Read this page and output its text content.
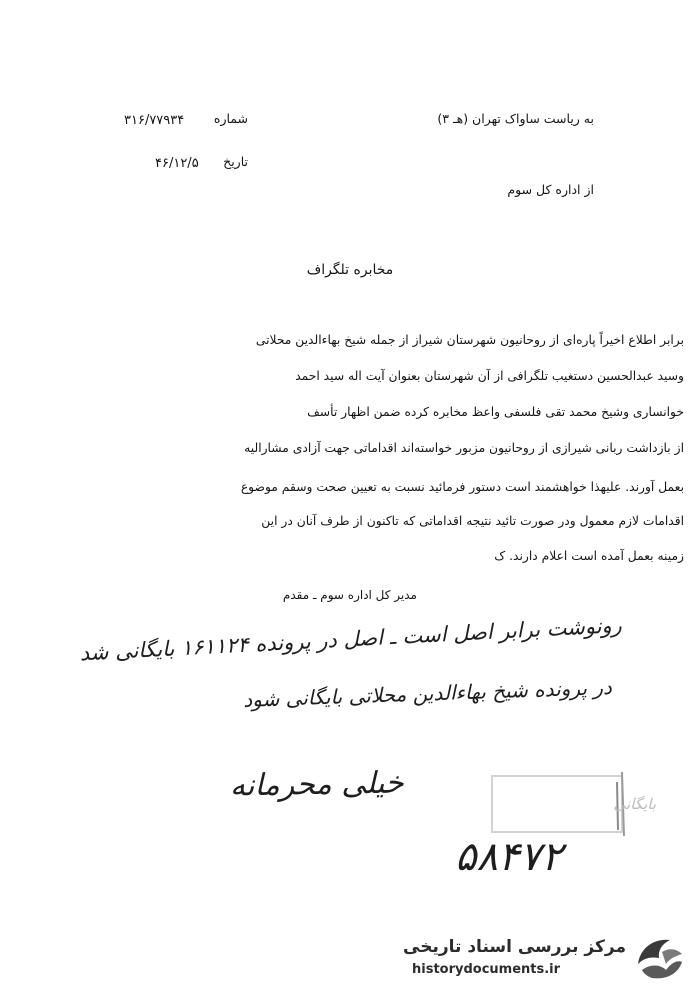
به ریاست ساواک تهران (هـ ۳)
شماره
۳۱۶/۷۷۹۳۴
تاریخ
۴۶/۱۲/۵
از اداره کل سوم
مخابره تلگراف
برابر اطلاع اخیراً پاره‌ای از روحانیون شهرستان شیراز از جمله شیخ بهاءالدین محلاتی
وسید عبدالحسین دستغیب تلگرافی از آن شهرستان بعنوان آیت اله سید احمد
خوانساری وشیخ محمد تقی فلسفی واعظ مخابره کرده ضمن اظهار تأسف
از بازداشت ربانی شیرازی از روحانیون مزبور خواسته‌اند اقداماتی جهت آزادی مشارالیه
بعمل آورند. علیهذا خواهشمند است دستور فرمائید نسبت به تعیین صحت وسقم موضوع
اقدامات لازم معمول ودر صورت تائید نتیجه اقداماتی که تاکنون از طرف آنان در این
زمینه بعمل آمده است اعلام دارند. ک
مدیر کل اداره سوم ـ مقدم
رونوشت برابر اصل است ـ اصل در پرونده ۱۶۱۱۲۴ بایگانی شد
در پرونده شیخ بهاءالدین محلاتی بایگانی شود
خیلی محرمانه
بایگانی
۵۸۴۷۲
مرکز بررسی اسناد تاریخی
historydocuments.ir
